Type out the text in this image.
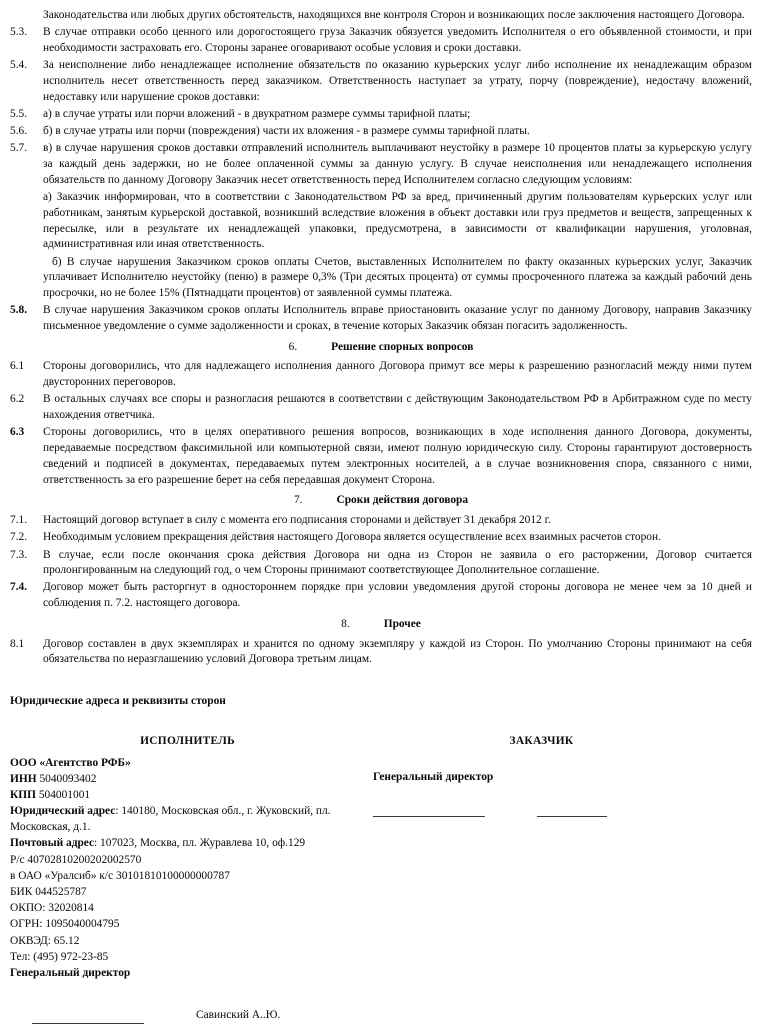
Законодательства или любых других обстоятельств, находящихся вне контроля Сторон и возникающих после заключения настоящего Договора.
5.3.	В случае отправки особо ценного или дорогостоящего груза Заказчик обязуется уведомить Исполнителя о его объявленной стоимости, и при необходимости застраховать его. Стороны заранее оговаривают особые условия и сроки доставки.
5.4.	За неисполнение либо ненадлежащее исполнение обязательств по оказанию курьерских услуг либо исполнение их ненадлежащим образом исполнитель несет ответственность перед заказчиком. Ответственность наступает за утрату, порчу (повреждение), недостачу вложений, недоставку или нарушение сроков доставки:
5.5.	а) в случае утраты или порчи вложений - в двукратном размере суммы тарифной платы;
5.6.	б) в случае утраты или порчи (повреждения) части их вложения - в размере суммы тарифной платы.
5.7.	в) в случае нарушения сроков доставки отправлений исполнитель выплачивают неустойку в размере 10 процентов платы за курьерскую услугу за каждый день задержки, но не более оплаченной суммы за данную услугу. В случае неисполнения или ненадлежащего исполнения обязательств по данному Договору Заказчик несет ответственность перед Исполнителем согласно следующим условиям:
а) Заказчик информирован, что в соответствии с Законодательством РФ за вред, причиненный другим пользователям курьерских услуг или работникам, занятым курьерской доставкой, возникший вследствие вложения в объект доставки или груз предметов и веществ, запрещенных к пересылке, или в результате их ненадлежащей упаковки, предусмотрена, в зависимости от квалификации нарушения, уголовная, административная или иная ответственность.
б) В случае нарушения Заказчиком сроков оплаты Счетов, выставленных Исполнителем по факту оказанных курьерских услуг, Заказчик уплачивает Исполнителю неустойку (пеню) в размере 0,3% (Три десятых процента) от суммы просроченного платежа за каждый рабочий день просрочки, но не более 15% (Пятнадцати процентов) от заявленной суммы платежа.
5.8.	В случае нарушения Заказчиком сроков оплаты Исполнитель вправе приостановить оказание услуг по данному Договору, направив Заказчику письменное уведомление о сумме задолженности и сроках, в течение которых Заказчик обязан погасить задолженность.
6.	Решение спорных вопросов
6.1	Стороны договорились, что для надлежащего исполнения данного Договора примут все меры к разрешению разногласий между ними путем двусторонних переговоров.
6.2	В остальных случаях все споры и разногласия решаются в соответствии с действующим Законодательством РФ в Арбитражном суде по месту нахождения ответчика.
6.3	Стороны договорились, что в целях оперативного решения вопросов, возникающих в ходе исполнения данного Договора, документы, передаваемые посредством факсимильной или компьютерной связи, имеют полную юридическую силу. Стороны гарантируют достоверность сведений и подписей в документах, передаваемых путем электронных носителей, а в случае возникновения спора, связанного с ними, ответственность за его разрешение берет на себя передавшая документ Сторона.
7.	Сроки действия договора
7.1.	Настоящий договор вступает в силу с момента его подписания сторонами и действует 31 декабря 2012 г.
7.2.	Необходимым условием прекращения действия настоящего Договора является осуществление всех взаимных расчетов сторон.
7.3.	В случае, если после окончания срока действия Договора ни одна из Сторон не заявила о его расторжении, Договор считается пролонгированным на следующий год, о чем Стороны принимают соответствующее Дополнительное соглашение.
7.4.	Договор может быть расторгнут в одностороннем порядке при условии уведомления другой стороны договора не менее чем за 10 дней и соблюдения п. 7.2. настоящего договора.
8.	Прочее
8.1	Договор составлен в двух экземплярах и хранится по одному экземпляру у каждой из Сторон. По умолчанию Стороны принимают на себя обязательства по неразглашению условий Договора третьим лицам.
Юридические адреса и реквизиты сторон
ИСПОЛНИТЕЛЬ
ООО «Агентство РФБ»
ИНН 5040093402
КПП 504001001
Юридический адрес: 140180, Московская обл., г. Жуковский, пл. Московская, д.1.
Почтовый адрес: 107023, Москва, пл. Журавлева 10, оф.129
Р/с 40702810200202002570
в ОАО «Уралсиб» к/с 30101810100000000787
БИК 044525787
ОКПО: 32020814
ОГРН: 1095040004795
ОКВЭД: 65.12
Тел: (495) 972-23-85
Генеральный директор
Савинский А..Ю.
ЗАКАЗЧИК
Генеральный директор
